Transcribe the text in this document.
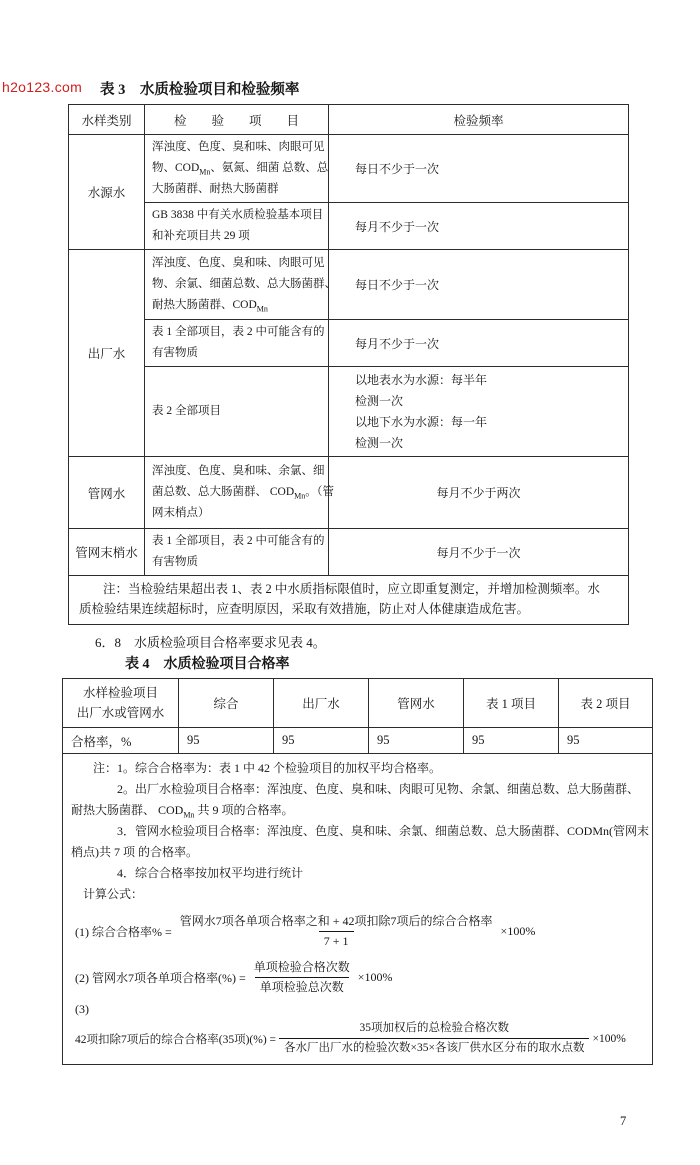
h2o123.com 表 3　水质检验项目和检验频率
水样类别	检　　验　　项　　目	检验频率
水源水	浑浊度、色度、臭和味、肉眼可见
物、$COD_{Mn}$、氨氮、细菌 总数、总
大肠菌群、耐热大肠菌群	每日不少于一次

	GB 3838 中有关水质检验基本项目
和补充项目共 29 项	每月不少于一次
出厂水	浑浊度、色度、臭和味、肉眼可见
物、余氯、细菌总数、总大肠菌群、
耐热大肠菌群、$COD_{Mn}$	每日不少于一次

	表 1 全部项目，表 2 中可能含有的
有害物质	每月不少于一次

	表 2 全部项目	以地表水为水源：每半年
检测一次
以地下水为水源：每一年
检测一次

管网水	浑浊度、色度、臭和味、余氯、细
菌总数、总大肠菌群、 $COD_{Mn}$。（管
网末梢点）	每月不少于两次
管网末梢水	表 1 全部项目，表 2 中可能含有的
有害物质	每月不少于一次

注：当检验结果超出表 1、表 2 中水质指标限值时，应立即重复测定，并增加检测频率。水
质检验结果连续超标时，应查明原因，采取有效措施，防止对人体健康造成危害。		
6．8　水质检验项目合格率要求见表 4。
表 4　水质检验项目合格率
水样检验项目
出厂水或管网水	综合	出厂水	管网水	表 1 项目	表 2 项目
合格率，%	95	95	95	95	95

注：1。综合合格率为：表 1 中 42 个检验项目的加权平均合格率。
2。出厂水检验项目合格率：浑浊度、色度、臭和味、肉眼可见物、余氯、细菌总数、总大肠菌群、
耐热大肠菌群、 $COD_{Mn}$ 共 9 项的合格率。
3．管网水检验项目合格率：浑浊度、色度、臭和味、余氯、细菌总数、总大肠菌群、CODMn(管网末
梢点)共 7 项 的合格率。
4．综合合格率按加权平均进行统计
计算公式：
(1) 综合合格率% = $\frac{\text{管网水7项各单项合格率之和 + 42项扣除7项后的综合合格率}}{7 + 1} \times 100\%$
(2) 管网水7项各单项合格率(%) = $\frac{\text{单项检验合格次数}}{\text{单项检验总次数}} \times 100\%$
(3)
42项扣除7项后的综合合格率(35项)(%) = $\frac{\text{35项加权后的总检验合格次数}}{\text{各水厂出厂水的检验次数×35×各该厂供水区分布的取水点数}} \times 100\%$
7
